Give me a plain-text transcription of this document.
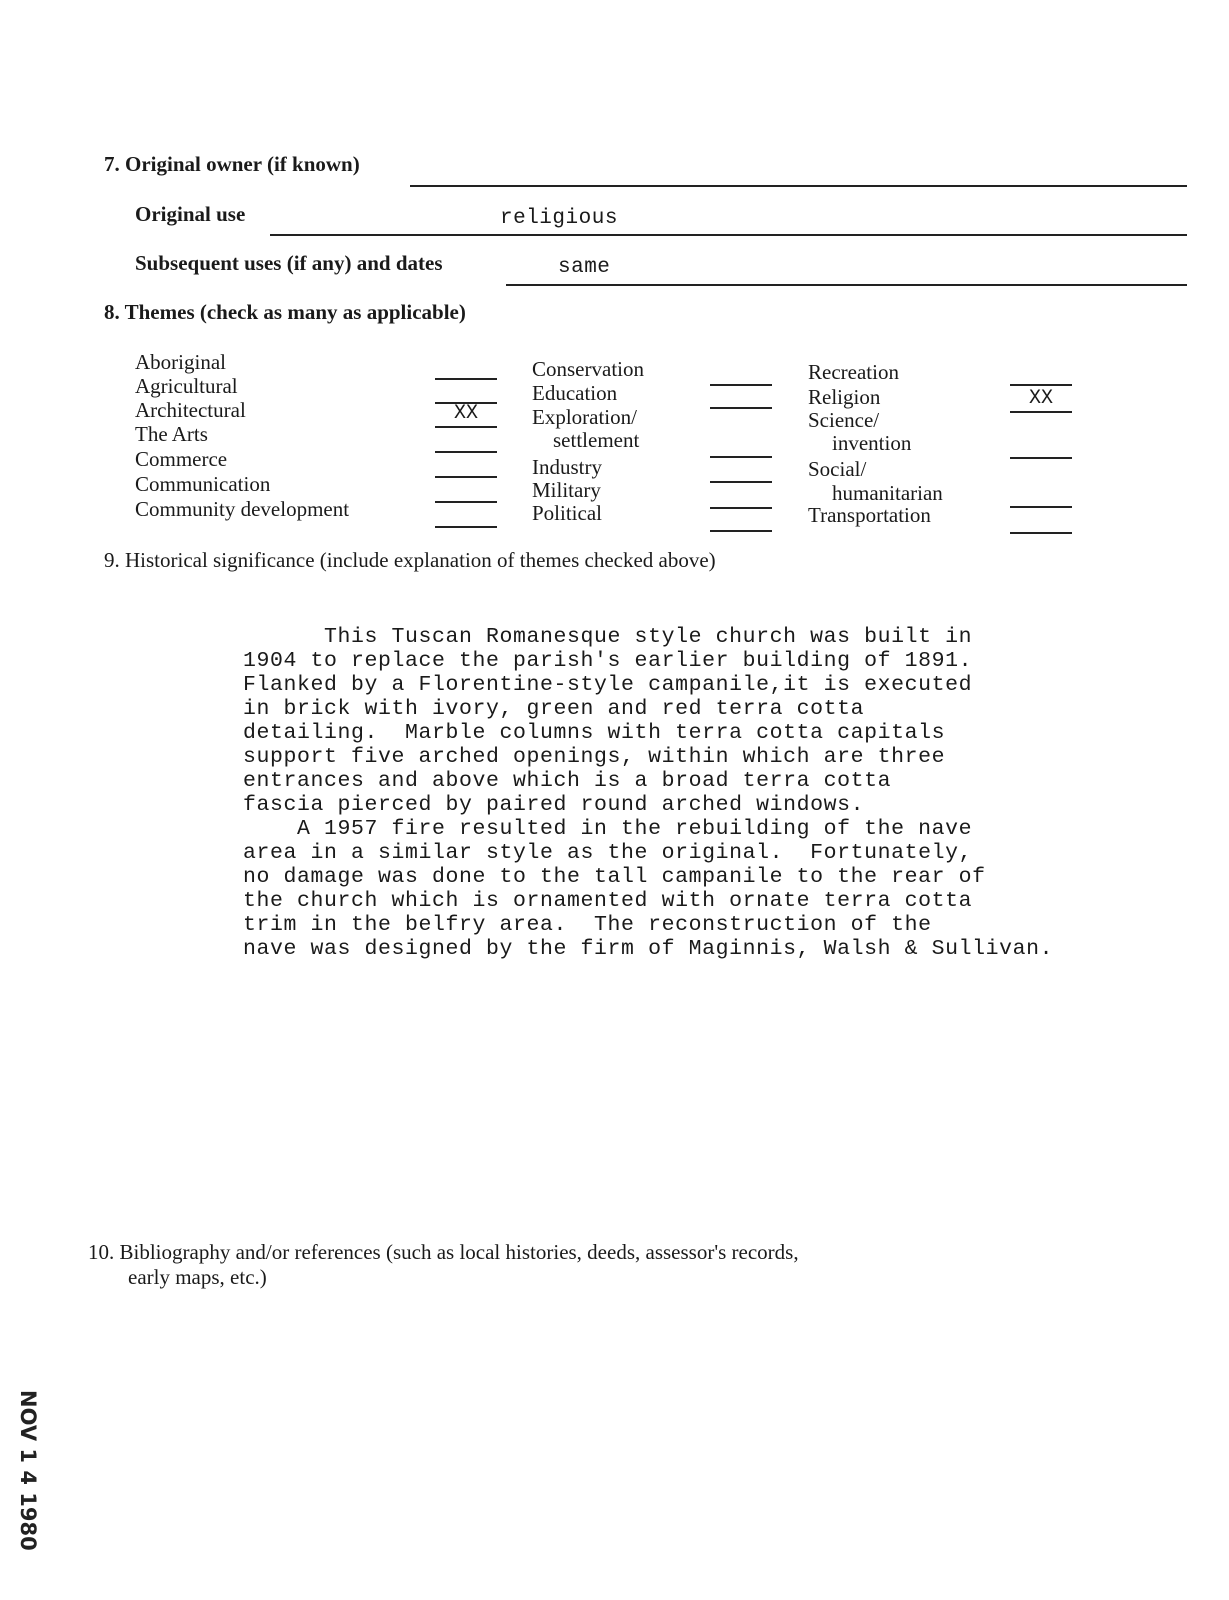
7. Original owner (if known)
Original use	religious
Subsequent uses (if any) and dates	same
8. Themes (check as many as applicable)
Aboriginal
Agricultural
Architectural
The Arts
Commerce
Communication
Community development
XX
Conservation
Education
Exploration/
settlement
Industry
Military
Political
Recreation
Religion
Science/
invention
Social/
humanitarian
Transportation
XX
9. Historical significance (include explanation of themes checked above)
This Tuscan Romanesque style church was built in
1904 to replace the parish's earlier building of 1891.
Flanked by a Florentine-style campanile,it is executed
in brick with ivory, green and red terra cotta
detailing.  Marble columns with terra cotta capitals
support five arched openings, within which are three
entrances and above which is a broad terra cotta
fascia pierced by paired round arched windows.
A 1957 fire resulted in the rebuilding of the nave
area in a similar style as the original.  Fortunately,
no damage was done to the tall campanile to the rear of
the church which is ornamented with ornate terra cotta
trim in the belfry area.  The reconstruction of the
nave was designed by the firm of Maginnis, Walsh & Sullivan.
10. Bibliography and/or references (such as local histories, deeds, assessor's records,
early maps, etc.)
NOV 1 4 1980
